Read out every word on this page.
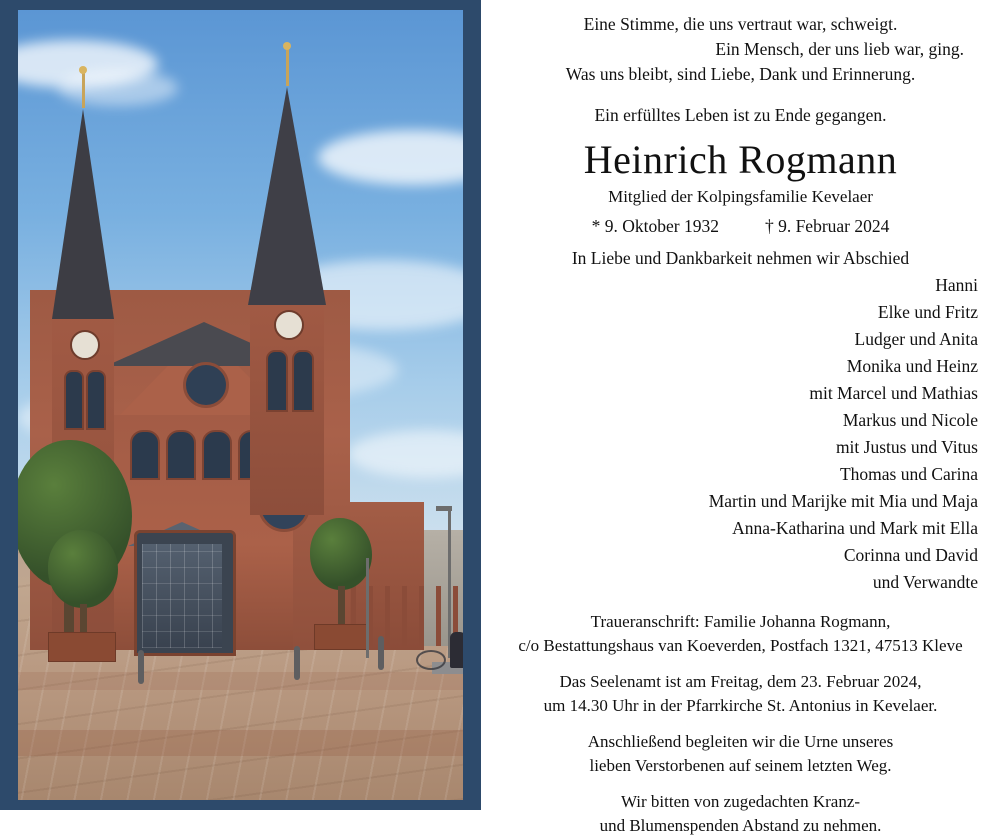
Eine Stimme, die uns vertraut war, schweigt.
Ein Mensch, der uns lieb war, ging.
Was uns bleibt, sind Liebe, Dank und Erinnerung.
Ein erfülltes Leben ist zu Ende gegangen.
Heinrich Rogmann
Mitglied der Kolpingsfamilie Kevelaer
* 9. Oktober 1932	† 9. Februar 2024
In Liebe und Dankbarkeit nehmen wir Abschied
Hanni
Elke und Fritz
Ludger und Anita
Monika und Heinz
mit Marcel und Mathias
Markus und Nicole
mit Justus und Vitus
Thomas und Carina
Martin und Marijke mit Mia und Maja
Anna-Katharina und Mark mit Ella
Corinna und David
und Verwandte
Traueranschrift: Familie Johanna Rogmann,
c/o Bestattungshaus van Koeverden, Postfach 1321, 47513 Kleve
Das Seelenamt ist am Freitag, dem 23. Februar 2024,
um 14.30 Uhr in der Pfarrkirche St. Antonius in Kevelaer.
Anschließend begleiten wir die Urne unseres
lieben Verstorbenen auf seinem letzten Weg.
Wir bitten von zugedachten Kranz-
und Blumenspenden Abstand zu nehmen.
